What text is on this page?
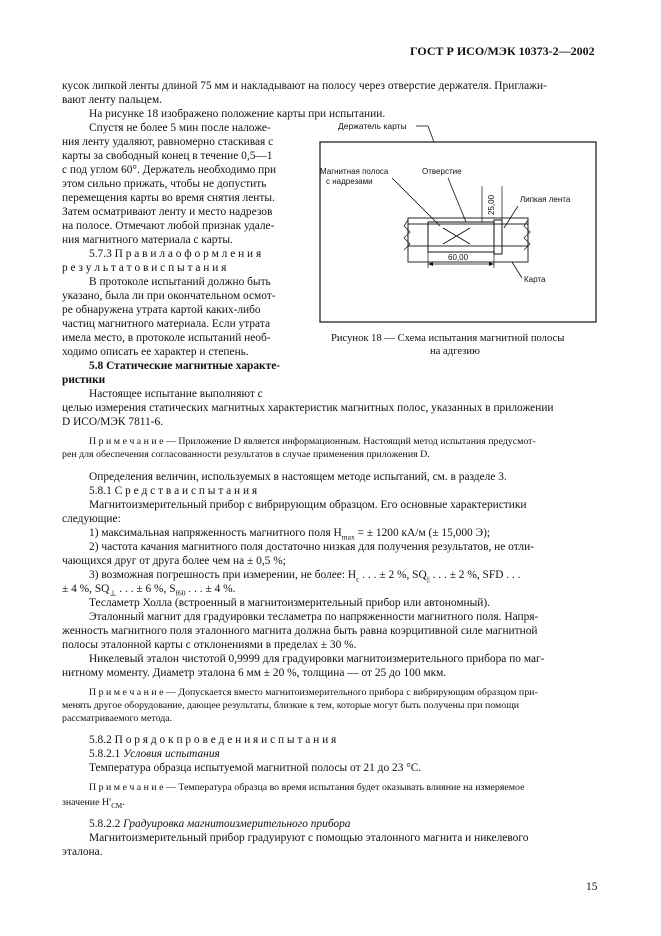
ГОСТ Р ИСО/МЭК 10373-2—2002
кусок липкой ленты длиной 75 мм и накладывают на полосу через отверстие держателя. Приглажи-
вают ленту пальцем.
На рисунке 18 изображено положение карты при испытании.
Спустя не более 5 мин после наложе-
ния ленту удаляют, равномерно стаскивая с
карты за свободный конец в течение 0,5—1
с под углом 60°. Держатель необходимо при
этом сильно прижать, чтобы не допустить
перемещения карты во время снятия ленты.
Затем осматривают ленту и место надрезов
на полосе. Отмечают любой признак удале-
ния магнитного материала с карты.
5.7.3 П р а в и л а о ф о р м л е н и я
р е з у л ь т а т о в и с п ы т а н и я
В протоколе испытаний должно быть
указано, была ли при окончательном осмот-
ре обнаружена утрата картой каких-либо
частиц магнитного материала. Если утрата
имела место, в протоколе испытаний необ-
ходимо описать ее характер и степень.
5.8 Статические магнитные характе-
ристики
Настоящее испытание выполняют с
Держатель карты
Магнитная полоса
с надрезами
Отверстие
25,00	Липкая лента
60,00
Карта
Рисунок 18 — Схема испытания магнитной полосы
на адгезию
целью измерения статических магнитных характеристик магнитных полос, указанных в приложении
D ИСО/МЭК 7811-6.
П р и м е ч а н и е — Приложение D является информационным. Настоящий метод испытания предусмот-
рен для обеспечения согласованности результатов в случае применения приложения D.
Определения величин, используемых в настоящем методе испытаний, см. в разделе 3.
5.8.1 С р е д с т в а и с п ы т а н и я
Магнитоизмерительный прибор с вибрирующим образцом. Его основные характеристики
следующие:
1) максимальная напряженность магнитного поля $H_{max}$ = ± 1200 кА/м (± 15,000 Э);
2) частота качания магнитного поля достаточно низкая для получения результатов, не отли-
чающихся друг от друга более чем на ± 0,5 %;
3) возможная погрешность при измерении, не более: $H_c$ . . . ± 2 %, $SQ_{||}$ . . . ± 2 %, SFD . . .
± 4 %, $SQ_\perp$ . . . ± 6 %, $S_{f60}$ . . . ± 4 %.
Тесламетр Холла (встроенный в магнитоизмерительный прибор или автономный).
Эталонный магнит для градуировки тесламетра по напряженности магнитного поля. Напря-
женность магнитного поля эталонного магнита должна быть равна коэрцитивной силе магнитной
полосы эталонной карты с отклонениями в пределах ± 30 %.
Никелевый эталон чистотой 0,9999 для градуировки магнитоизмерительного прибора по маг-
нитному моменту. Диаметр эталона 6 мм ± 20 %, толщина — от 25 до 100 мкм.
П р и м е ч а н и е — Допускается вместо магнитоизмерительного прибора с вибрирующим образцом при-
менять другое оборудование, дающее результаты, близкие к тем, которые могут быть получены при помощи
рассматриваемого метода.
5.8.2 П о р я д о к п р о в е д е н и я и с п ы т а н и я
5.8.2.1 Условия испытания
Температура образца испытуемой магнитной полосы от 21 до 23 °С.
П р и м е ч а н и е — Температура образца во время испытания будет оказывать влияние на измеряемое
значение $H'_{CM}$.
5.8.2.2 Градуировка магнитоизмерительного прибора
Магнитоизмерительный прибор градуируют с помощью эталонного магнита и никелевого
эталона.
15
